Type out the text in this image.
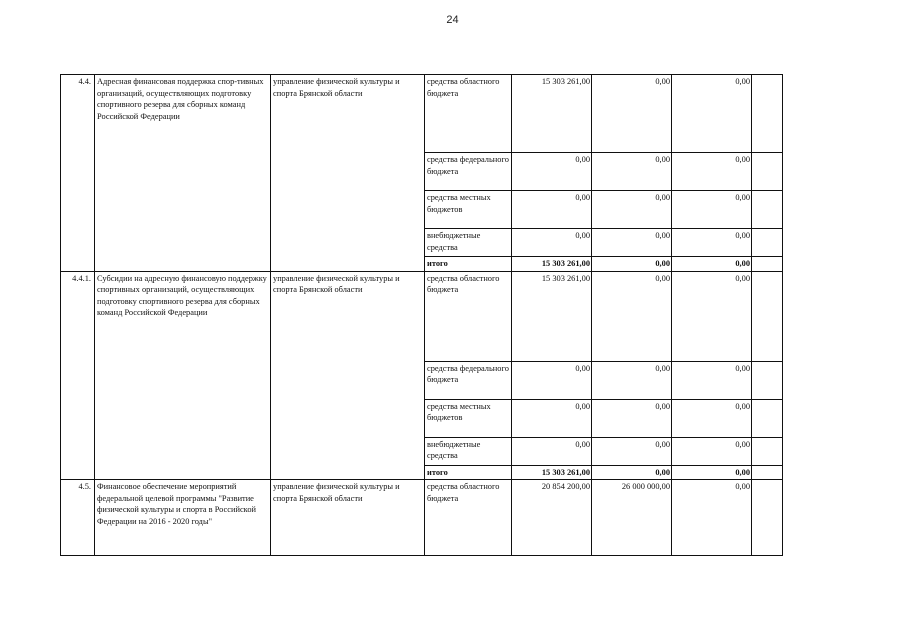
24
4.4.	Адресная финансовая поддержка спор-тивных организаций, осуществляющих подготовку спортивного резерва для сборных команд Российской Федерации	управление физической культуры и спорта Брянской области	средства областного бюджета	15 303 261,00	0,00	0,00	
			средства федерального бюджета	0,00	0,00	0,00	
			средства местных бюджетов	0,00	0,00	0,00	
			внебюджетные средства	0,00	0,00	0,00	
			итого	15 303 261,00	0,00	0,00	
4.4.1.	Субсидии на адресную финансовую поддержку спортивных организаций, осуществляющих подготовку спортивного резерва для сборных команд Российской Федерации	управление физической культуры и спорта Брянской области	средства областного бюджета	15 303 261,00	0,00	0,00	
			средства федерального бюджета	0,00	0,00	0,00	
			средства местных бюджетов	0,00	0,00	0,00	
			внебюджетные средства	0,00	0,00	0,00	
			итого	15 303 261,00	0,00	0,00	
4.5.	Финансовое обеспечение мероприятий федеральной целевой программы "Развитие физической культуры и спорта в Российской Федерации на 2016 - 2020 годы"	управление физической культуры и спорта Брянской области	средства областного бюджета	20 854 200,00	26 000 000,00	0,00	
